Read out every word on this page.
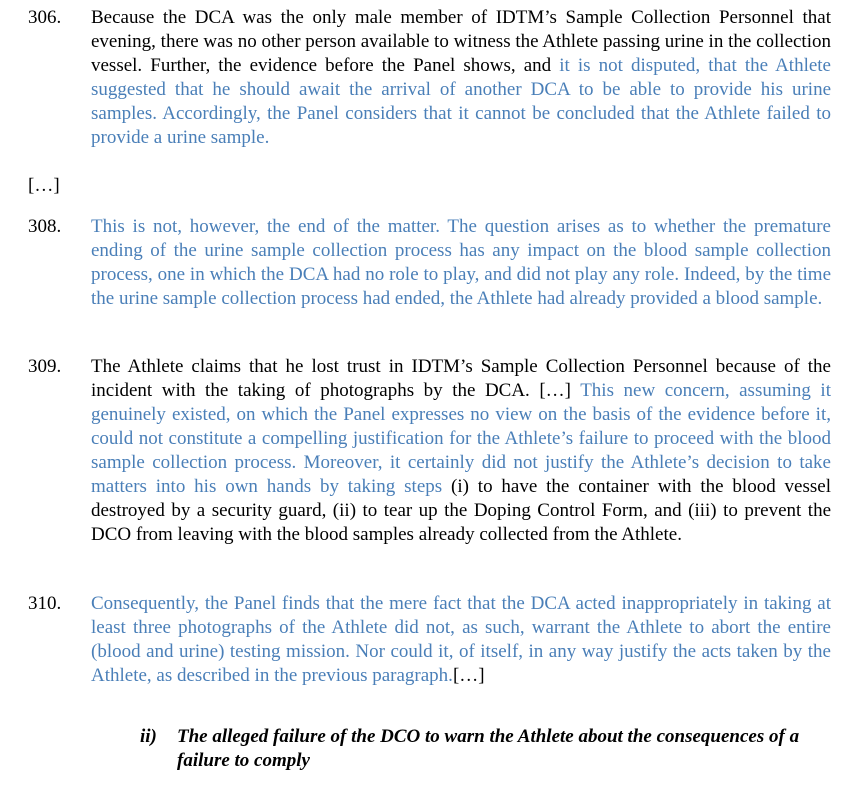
306.	Because the DCA was the only male member of IDTM’s Sample Collection Personnel that evening, there was no other person available to witness the Athlete passing urine in the collection vessel. Further, the evidence before the Panel shows, and it is not disputed, that the Athlete suggested that he should await the arrival of another DCA to be able to provide his urine samples. Accordingly, the Panel considers that it cannot be concluded that the Athlete failed to provide a urine sample.
[…]
308.	This is not, however, the end of the matter. The question arises as to whether the premature ending of the urine sample collection process has any impact on the blood sample collection process, one in which the DCA had no role to play, and did not play any role. Indeed, by the time the urine sample collection process had ended, the Athlete had already provided a blood sample.
309.	The Athlete claims that he lost trust in IDTM’s Sample Collection Personnel because of the incident with the taking of photographs by the DCA. […] This new concern, assuming it genuinely existed, on which the Panel expresses no view on the basis of the evidence before it, could not constitute a compelling justification for the Athlete’s failure to proceed with the blood sample collection process. Moreover, it certainly did not justify the Athlete’s decision to take matters into his own hands by taking steps (i) to have the container with the blood vessel destroyed by a security guard, (ii) to tear up the Doping Control Form, and (iii) to prevent the DCO from leaving with the blood samples already collected from the Athlete.
310.	Consequently, the Panel finds that the mere fact that the DCA acted inappropriately in taking at least three photographs of the Athlete did not, as such, warrant the Athlete to abort the entire (blood and urine) testing mission. Nor could it, of itself, in any way justify the acts taken by the Athlete, as described in the previous paragraph.[…]
ii) The alleged failure of the DCO to warn the Athlete about the consequences of a failure to comply
